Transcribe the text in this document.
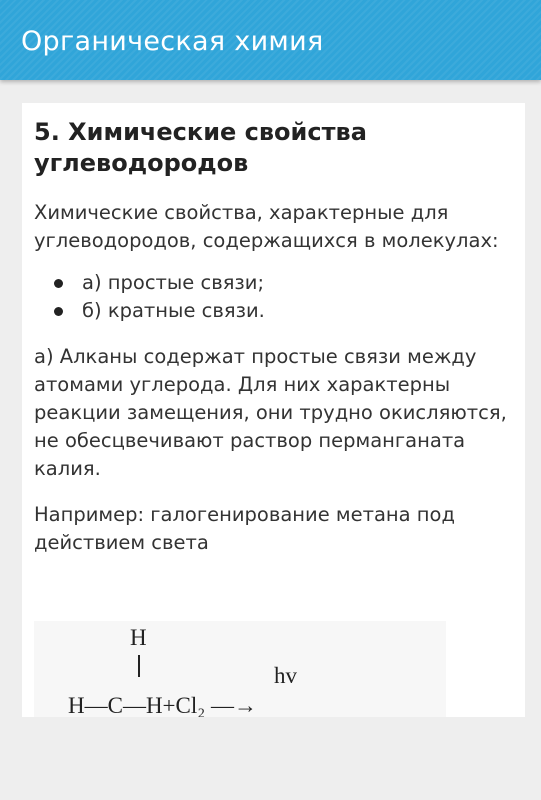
Органическая химия
5. Химические свойства углеводородов

Химические свойства, характерные для углеводородов, содержащихся в молекулах:

а) простые связи;
б) кратные связи.

а) Алканы содержат простые связи между атомами углерода. Для них характерны реакции замещения, они трудно окисляются, не обесцвечивают раствор перманганата калия.

Например: галогенирование метана под действием света

H
hv
H—C—H+Cl₂ —→
